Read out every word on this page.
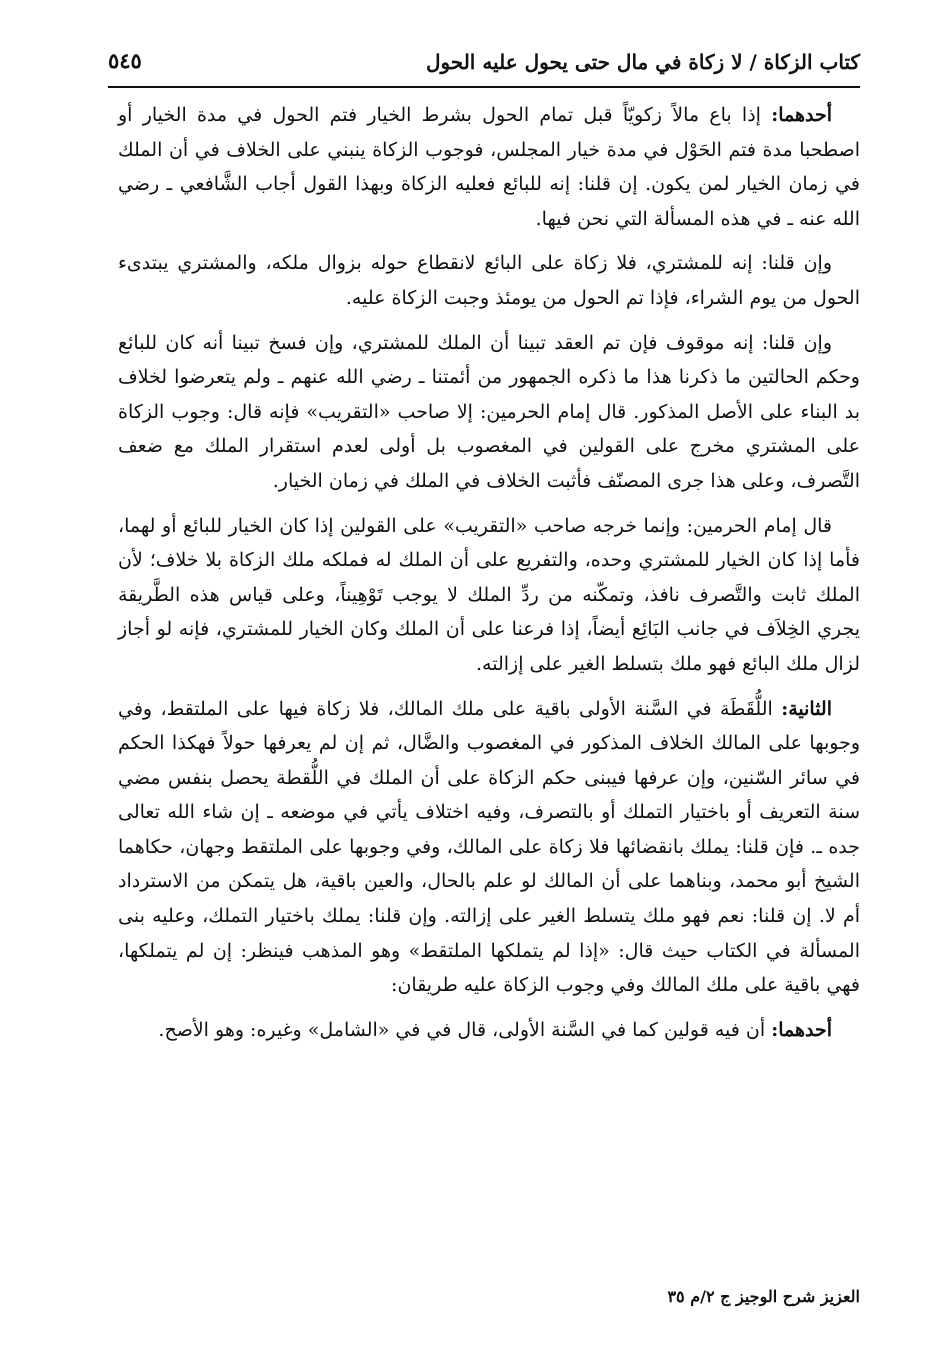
كتاب الزكاة / لا زكاة في مال حتى يحول عليه الحول
٥٤٥

أحدهما: إذا باع مالاً زكويّاً قبل تمام الحول بشرط الخيار فتم الحول في مدة الخيار أو اصطحبا مدة فتم الحَوْل في مدة خيار المجلس، فوجوب الزكاة ينبني على الخلاف في أن الملك في زمان الخيار لمن يكون. إن قلنا: إنه للبائع فعليه الزكاة وبهذا القول أجاب الشَّافعي ـ رضي الله عنه ـ في هذه المسألة التي نحن فيها.

وإن قلنا: إنه للمشتري، فلا زكاة على البائع لانقطاع حوله بزوال ملكه، والمشتري يبتدىء الحول من يوم الشراء، فإذا تم الحول من يومئذ وجبت الزكاة عليه.

وإن قلنا: إنه موقوف فإن تم العقد تبينا أن الملك للمشتري، وإن فسخ تبينا أنه كان للبائع وحكم الحالتين ما ذكرنا هذا ما ذكره الجمهور من أئمتنا ـ رضي الله عنهم ـ ولم يتعرضوا لخلاف بد البناء على الأصل المذكور. قال إمام الحرمين: إلا صاحب «التقريب» فإنه قال: وجوب الزكاة على المشتري مخرج على القولين في المغصوب بل أولى لعدم استقرار الملك مع ضعف التَّصرف، وعلى هذا جرى المصنّف فأثبت الخلاف في الملك في زمان الخيار.

قال إمام الحرمين: وإنما خرجه صاحب «التقريب» على القولين إذا كان الخيار للبائع أو لهما، فأما إذا كان الخيار للمشتري وحده، والتفريع على أن الملك له فملكه ملك الزكاة بلا خلاف؛ لأن الملك ثابت والتَّصرف نافذ، وتمكّنه من ردِّ الملك لا يوجب تَوْهِيناً، وعلى قياس هذه الطَّريقة يجري الخِلاَف في جانب البَائِع أيضاً، إذا فرعنا على أن الملك وكان الخيار للمشتري، فإنه لو أجاز لزال ملك البائع فهو ملك بتسلط الغير على إزالته.

الثانية: اللُّقَطَة في السَّنة الأولى باقية على ملك المالك، فلا زكاة فيها على الملتقط، وفي وجوبها على المالك الخلاف المذكور في المغصوب والضَّال، ثم إن لم يعرفها حولاً فهكذا الحكم في سائر السّنين، وإن عرفها فيبنى حكم الزكاة على أن الملك في اللُّقطة يحصل بنفس مضي سنة التعريف أو باختيار التملك أو بالتصرف، وفيه اختلاف يأتي في موضعه ـ إن شاء الله تعالى جده ـ. فإن قلنا: يملك بانقضائها فلا زكاة على المالك، وفي وجوبها على الملتقط وجهان، حكاهما الشيخ أبو محمد، وبناهما على أن المالك لو علم بالحال، والعين باقية، هل يتمكن من الاسترداد أم لا. إن قلنا: نعم فهو ملك يتسلط الغير على إزالته. وإن قلنا: يملك باختيار التملك، وعليه بنى المسألة في الكتاب حيث قال: «إذا لم يتملكها الملتقط» وهو المذهب فينظر: إن لم يتملكها، فهي باقية على ملك المالك وفي وجوب الزكاة عليه طريقان:

أحدهما: أن فيه قولين كما في السَّنة الأولى، قال في في «الشامل» وغيره: وهو الأصح.

العزيز شرح الوجيز ج ٢/م ٣٥
